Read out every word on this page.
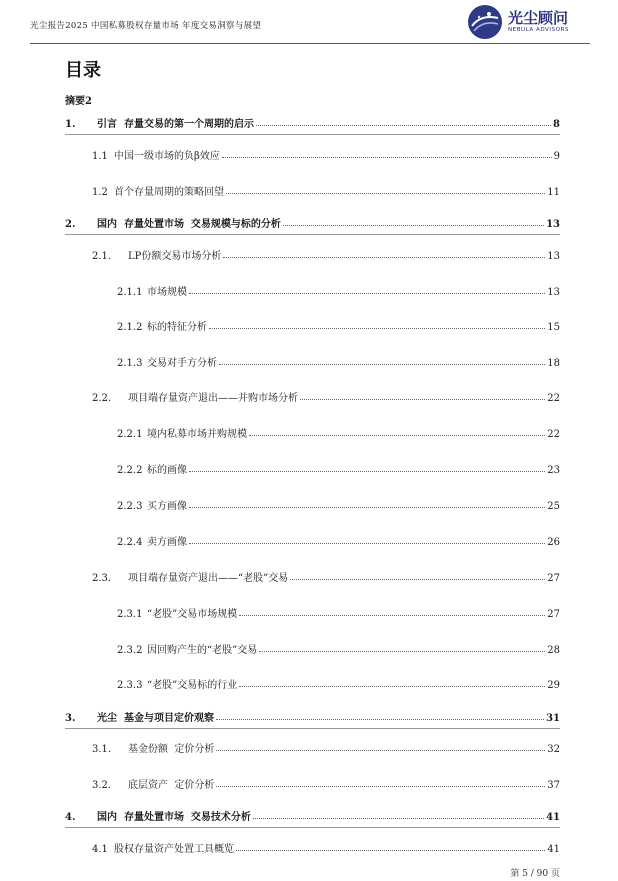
光尘报告2025 中国私募股权存量市场 年度交易洞察与展望	光尘顾问
NEBULA ADVISORS
目录
摘要2
1.	引言  存量交易的第一个周期的启示	8
1.1 中国一级市场的负β效应	9
1.2 首个存量周期的策略回望	11
2.	国内  存量处置市场  交易规模与标的分析	13
2.1.	LP份额交易市场分析	13
2.1.1 市场规模	13
2.1.2 标的特征分析	15
2.1.3 交易对手方分析	18
2.2.	项目端存量资产退出——并购市场分析	22
2.2.1 境内私募市场并购规模	22
2.2.2 标的画像	23
2.2.3 买方画像	25
2.2.4 卖方画像	26
2.3.	项目端存量资产退出——“老股”交易	27
2.3.1 “老股”交易市场规模	27
2.3.2 因回购产生的“老股”交易	28
2.3.3 “老股”交易标的行业	29
3.	光尘  基金与项目定价观察	31
3.1.	基金份额  定价分析	32
3.2.	底层资产  定价分析	37
4.	国内  存量处置市场  交易技术分析	41
4.1 股权存量资产处置工具概览	41
第 5 / 90 页
